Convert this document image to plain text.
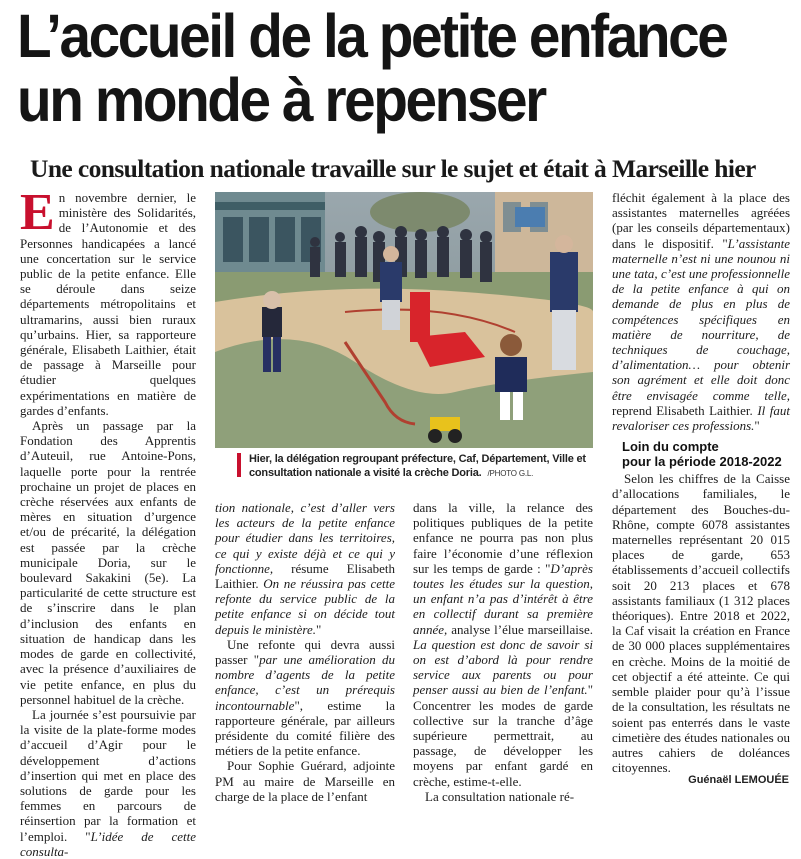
L’accueil de la petite enfance
un monde à repenser
Une consultation nationale travaille sur le sujet et était à Marseille hier

En novembre dernier, le ministère des Solidarités, de l’Autonomie et des Personnes handicapées a lancé une concertation sur le service public de la petite enfance. Elle se déroule dans seize départements métropolitains et ultramarins, aussi bien ruraux qu’urbains. Hier, sa rapporteure générale, Elisabeth Laithier, était de passage à Marseille pour étudier quelques expérimentations en matière de gardes d’enfants.

Après un passage par la Fondation des Apprentis d’Auteuil, rue Antoine-Pons, laquelle porte pour la rentrée prochaine un projet de places en crèche réservées aux enfants de mères en situation d’urgence et/ou de précarité, la délégation est passée par la crèche municipale Doria, sur le boulevard Sakakini (5e). La particularité de cette structure est de s’inscrire dans le plan d’inclusion des enfants en situation de handicap dans les modes de garde en collectivité, avec la présence d’auxiliaires de vie petite enfance, en plus du personnel habituel de la crèche.

La journée s’est poursuivie par la visite de la plate-forme modes d’accueil d’Agir pour le développement d’actions d’insertion qui met en place des solutions de garde pour les femmes en parcours de réinsertion par la formation et l’emploi. "L’idée de cette consulta-

Hier, la délégation regroupant préfecture, Caf, Département, Ville et consultation nationale a visité la crèche Doria. /PHOTO G.L.

tion nationale, c’est d’aller vers les acteurs de la petite enfance pour étudier dans les territoires, ce qui y existe déjà et ce qui y fonctionne, résume Elisabeth Laithier. On ne réussira pas cette refonte du service public de la petite enfance si on décide tout depuis le ministère."

Une refonte qui devra aussi passer "par une amélioration du nombre d’agents de la petite enfance, c’est un prérequis incontournable", estime la rapporteure générale, par ailleurs présidente du comité filière des métiers de la petite enfance.

Pour Sophie Guérard, adjointe PM au maire de Marseille en charge de la place de l’enfant

dans la ville, la relance des politiques publiques de la petite enfance ne pourra pas non plus faire l’économie d’une réflexion sur les temps de garde : "D’après toutes les études sur la question, un enfant n’a pas d’intérêt à être en collectif durant sa première année, analyse l’élue marseillaise. La question est donc de savoir si on est d’abord là pour rendre service aux parents ou pour penser aussi au bien de l’enfant." Concentrer les modes de garde collective sur la tranche d’âge supérieure permettrait, au passage, de développer les moyens par enfant gardé en crèche, estime-t-elle.

La consultation nationale ré-

fléchit également à la place des assistantes maternelles agréées (par les conseils départementaux) dans le dispositif. "L’assistante maternelle n’est ni une nounou ni une tata, c’est une professionnelle de la petite enfance à qui on demande de plus en plus de compétences spécifiques en matière de nourriture, de techniques de couchage, d’alimentation… pour obtenir son agrément et elle doit donc être envisagée comme telle, reprend Elisabeth Laithier. Il faut revaloriser ces professions."

Loin du compte
pour la période 2018-2022

Selon les chiffres de la Caisse d’allocations familiales, le département des Bouches-du-Rhône, compte 6078 assistantes maternelles représentant 20 015 places de garde, 653 établissements d’accueil collectifs soit 20 213 places et 678 assistants familiaux (1 312 places théoriques). Entre 2018 et 2022, la Caf visait la création en France de 30 000 places supplémentaires en crèche. Moins de la moitié de cet objectif a été atteinte. Ce qui semble plaider pour qu’à l’issue de la consultation, les résultats ne soient pas enterrés dans le vaste cimetière des études nationales ou autres cahiers de doléances citoyennes.

Guénaël LEMOUÉE
